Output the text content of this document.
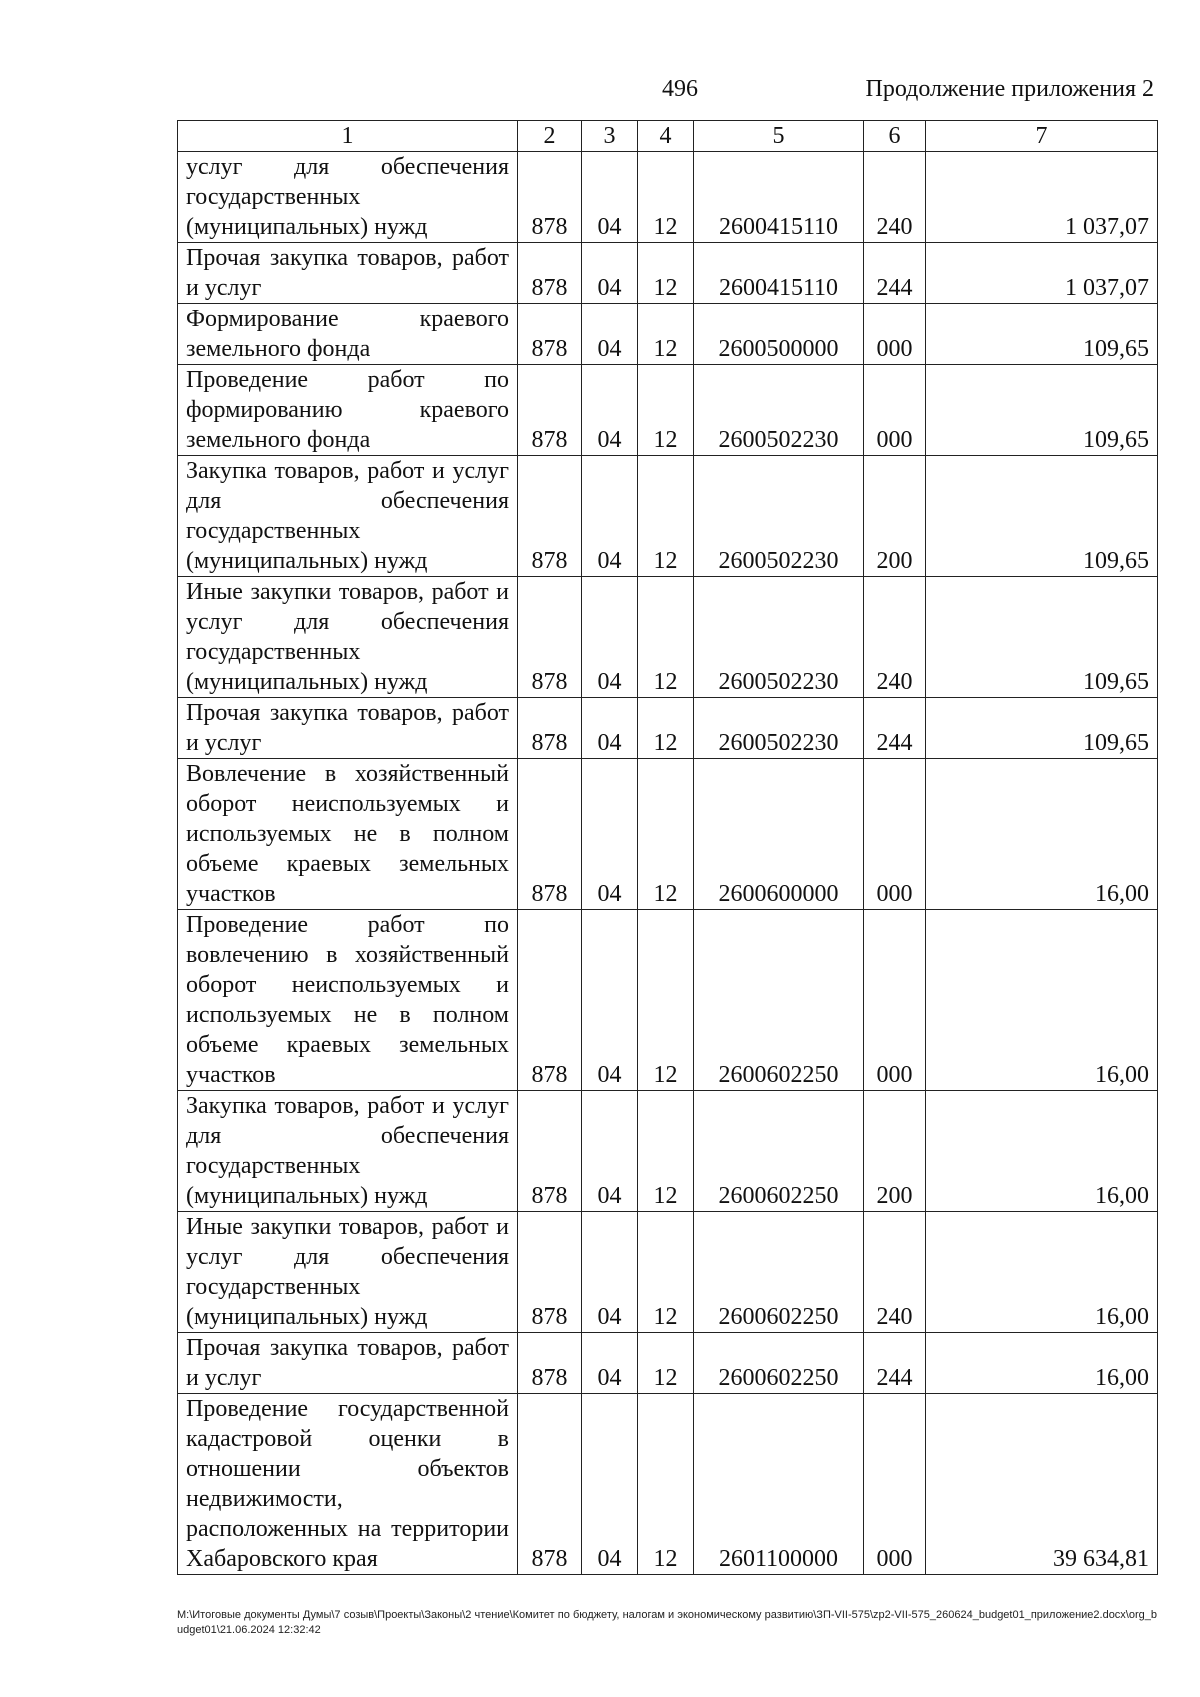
496	Продолжение приложения 2
1	2	3	4	5	6	7
услуг для обеспечения государственных (муниципальных) нужд	878	04	12	2600415110	240	1 037,07
Прочая закупка товаров, работ и услуг	878	04	12	2600415110	244	1 037,07
Формирование краевого земельного фонда	878	04	12	2600500000	000	109,65
Проведение работ по формированию краевого земельного фонда	878	04	12	2600502230	000	109,65
Закупка товаров, работ и услуг для обеспечения государственных (муниципальных) нужд	878	04	12	2600502230	200	109,65
Иные закупки товаров, работ и услуг для обеспечения государственных (муниципальных) нужд	878	04	12	2600502230	240	109,65
Прочая закупка товаров, работ и услуг	878	04	12	2600502230	244	109,65
Вовлечение в хозяйственный оборот неиспользуемых и используемых не в полном объеме краевых земельных участков	878	04	12	2600600000	000	16,00
Проведение работ по вовлечению в хозяйственный оборот неиспользуемых и используемых не в полном объеме краевых земельных участков	878	04	12	2600602250	000	16,00
Закупка товаров, работ и услуг для обеспечения государственных (муниципальных) нужд	878	04	12	2600602250	200	16,00
Иные закупки товаров, работ и услуг для обеспечения государственных (муниципальных) нужд	878	04	12	2600602250	240	16,00
Прочая закупка товаров, работ и услуг	878	04	12	2600602250	244	16,00
Проведение государственной кадастровой оценки в отношении объектов недвижимости, расположенных на территории Хабаровского края	878	04	12	2601100000	000	39 634,81
M:\Итоговые документы Думы\7 созыв\Проекты\Законы\2 чтение\Комитет по бюджету, налогам и экономическому развитию\ЗП-VII-575\zp2-VII-575_260624_budget01_приложение2.docx\org_budget01\21.06.2024 12:32:42
